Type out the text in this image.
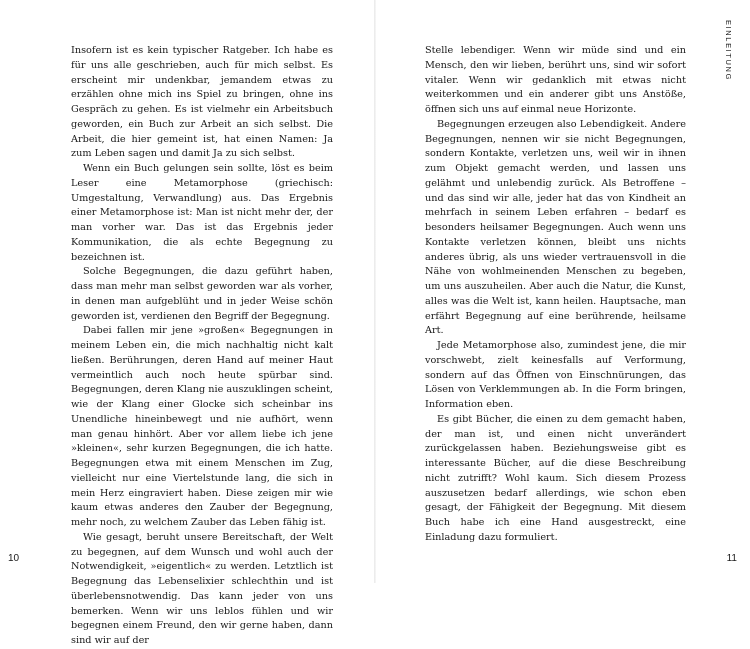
Insofern ist es kein typischer Ratgeber. Ich habe es für uns alle geschrieben, auch für mich selbst. Es erscheint mir undenkbar, jemandem etwas zu erzählen ohne mich ins Spiel zu bringen, ohne ins Gespräch zu gehen. Es ist vielmehr ein Arbeitsbuch geworden, ein Buch zur Arbeit an sich selbst. Die Arbeit, die hier gemeint ist, hat einen Namen: Ja zum Leben sagen und damit Ja zu sich selbst.

Wenn ein Buch gelungen sein sollte, löst es beim Leser eine Metamorphose (griechisch: Umgestaltung, Verwandlung) aus. Das Ergebnis einer Metamorphose ist: Man ist nicht mehr der, der man vorher war. Das ist das Ergebnis jeder Kommunikation, die als echte Begegnung zu bezeichnen ist.

Solche Begegnungen, die dazu geführt haben, dass man mehr man selbst geworden war als vorher, in denen man aufgeblüht und in jeder Weise schön geworden ist, verdienen den Begriff der Begegnung.

Dabei fallen mir jene »großen« Begegnungen in meinem Leben ein, die mich nachhaltig nicht kalt ließen. Berührungen, deren Hand auf meiner Haut vermeintlich auch noch heute spürbar sind. Begegnungen, deren Klang nie auszuklingen scheint, wie der Klang einer Glocke sich scheinbar ins Unendliche hineinbewegt und nie aufhört, wenn man genau hinhört. Aber vor allem liebe ich jene »kleinen«, sehr kurzen Begegnungen, die ich hatte. Begegnungen etwa mit einem Menschen im Zug, vielleicht nur eine Viertelstunde lang, die sich in mein Herz eingraviert haben. Diese zeigen mir wie kaum etwas anderes den Zauber der Begegnung, mehr noch, zu welchem Zauber das Leben fähig ist.

Wie gesagt, beruht unsere Bereitschaft, der Welt zu begegnen, auf dem Wunsch und wohl auch der Notwendigkeit, »eigentlich« zu werden. Letztlich ist Begegnung das Lebenselixier schlechthin und ist überlebensnotwendig. Das kann jeder von uns bemerken. Wenn wir uns leblos fühlen und wir begegnen einem Freund, den wir gerne haben, dann sind wir auf der

10
EINLEITUNG

Stelle lebendiger. Wenn wir müde sind und ein Mensch, den wir lieben, berührt uns, sind wir sofort vitaler. Wenn wir gedanklich mit etwas nicht weiterkommen und ein anderer gibt uns Anstöße, öffnen sich uns auf einmal neue Horizonte.

Begegnungen erzeugen also Lebendigkeit. Andere Begegnungen, nennen wir sie nicht Begegnungen, sondern Kontakte, verletzen uns, weil wir in ihnen zum Objekt gemacht werden, und lassen uns gelähmt und unlebendig zurück. Als Betroffene – und das sind wir alle, jeder hat das von Kindheit an mehrfach in seinem Leben erfahren – bedarf es besonders heilsamer Begegnungen. Auch wenn uns Kontakte verletzen können, bleibt uns nichts anderes übrig, als uns wieder vertrauensvoll in die Nähe von wohlmeinenden Menschen zu begeben, um uns auszuheilen. Aber auch die Natur, die Kunst, alles was die Welt ist, kann heilen. Hauptsache, man erfährt Begegnung auf eine berührende, heilsame Art.

Jede Metamorphose also, zumindest jene, die mir vorschwebt, zielt keinesfalls auf Verformung, sondern auf das Öffnen von Einschnürungen, das Lösen von Verklemmungen ab. In die Form bringen, Information eben.

Es gibt Bücher, die einen zu dem gemacht haben, der man ist, und einen nicht unverändert zurückgelassen haben. Beziehungsweise gibt es interessante Bücher, auf die diese Beschreibung nicht zutrifft? Wohl kaum. Sich diesem Prozess auszusetzen bedarf allerdings, wie schon eben gesagt, der Fähigkeit der Begegnung. Mit diesem Buch habe ich eine Hand ausgestreckt, eine Einladung dazu formuliert.

11
